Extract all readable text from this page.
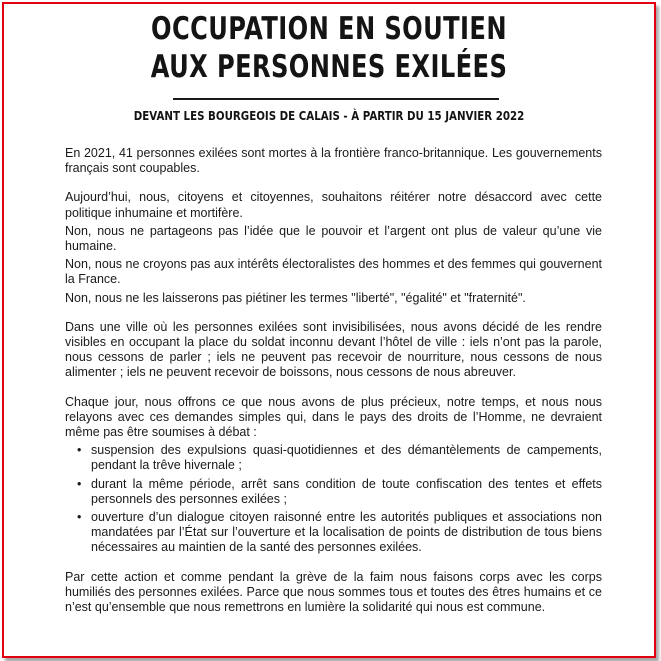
OCCUPATION EN SOUTIEN
AUX PERSONNES EXILÉES
DEVANT LES BOURGEOIS DE CALAIS - À PARTIR DU 15 JANVIER 2022

En 2021, 41 personnes exilées sont mortes à la frontière franco-britannique. Les gouvernements français sont coupables.

Aujourd’hui, nous, citoyens et citoyennes, souhaitons réitérer notre désaccord avec cette politique inhumaine et mortifère.

Non, nous ne partageons pas l’idée que le pouvoir et l’argent ont plus de valeur qu’une vie humaine.

Non, nous ne croyons pas aux intérêts électoralistes des hommes et des femmes qui gouvernent la France.

Non, nous ne les laisserons pas piétiner les termes "liberté", "égalité" et "fraternité".

Dans une ville où les personnes exilées sont invisibilisées, nous avons décidé de les rendre visibles en occupant la place du soldat inconnu devant l’hôtel de ville : iels n’ont pas la parole, nous cessons de parler ; iels ne peuvent pas recevoir de nourriture, nous cessons de nous alimenter ; iels ne peuvent recevoir de boissons, nous cessons de nous abreuver.

Chaque jour, nous offrons ce que nous avons de plus précieux, notre temps, et nous nous relayons avec ces demandes simples qui, dans le pays des droits de l’Homme, ne devraient même pas être soumises à débat :

• suspension des expulsions quasi-quotidiennes et des démantèlements de campements, pendant la trêve hivernale ;
• durant la même période, arrêt sans condition de toute confiscation des tentes et effets personnels des personnes exilées ;
• ouverture d’un dialogue citoyen raisonné entre les autorités publiques et associations non mandatées par l’État sur l’ouverture et la localisation de points de distribution de tous biens nécessaires au maintien de la santé des personnes exilées.

Par cette action et comme pendant la grève de la faim nous faisons corps avec les corps humiliés des personnes exilées. Parce que nous sommes tous et toutes des êtres humains et ce n’est qu’ensemble que nous remettrons en lumière la solidarité qui nous est commune.
